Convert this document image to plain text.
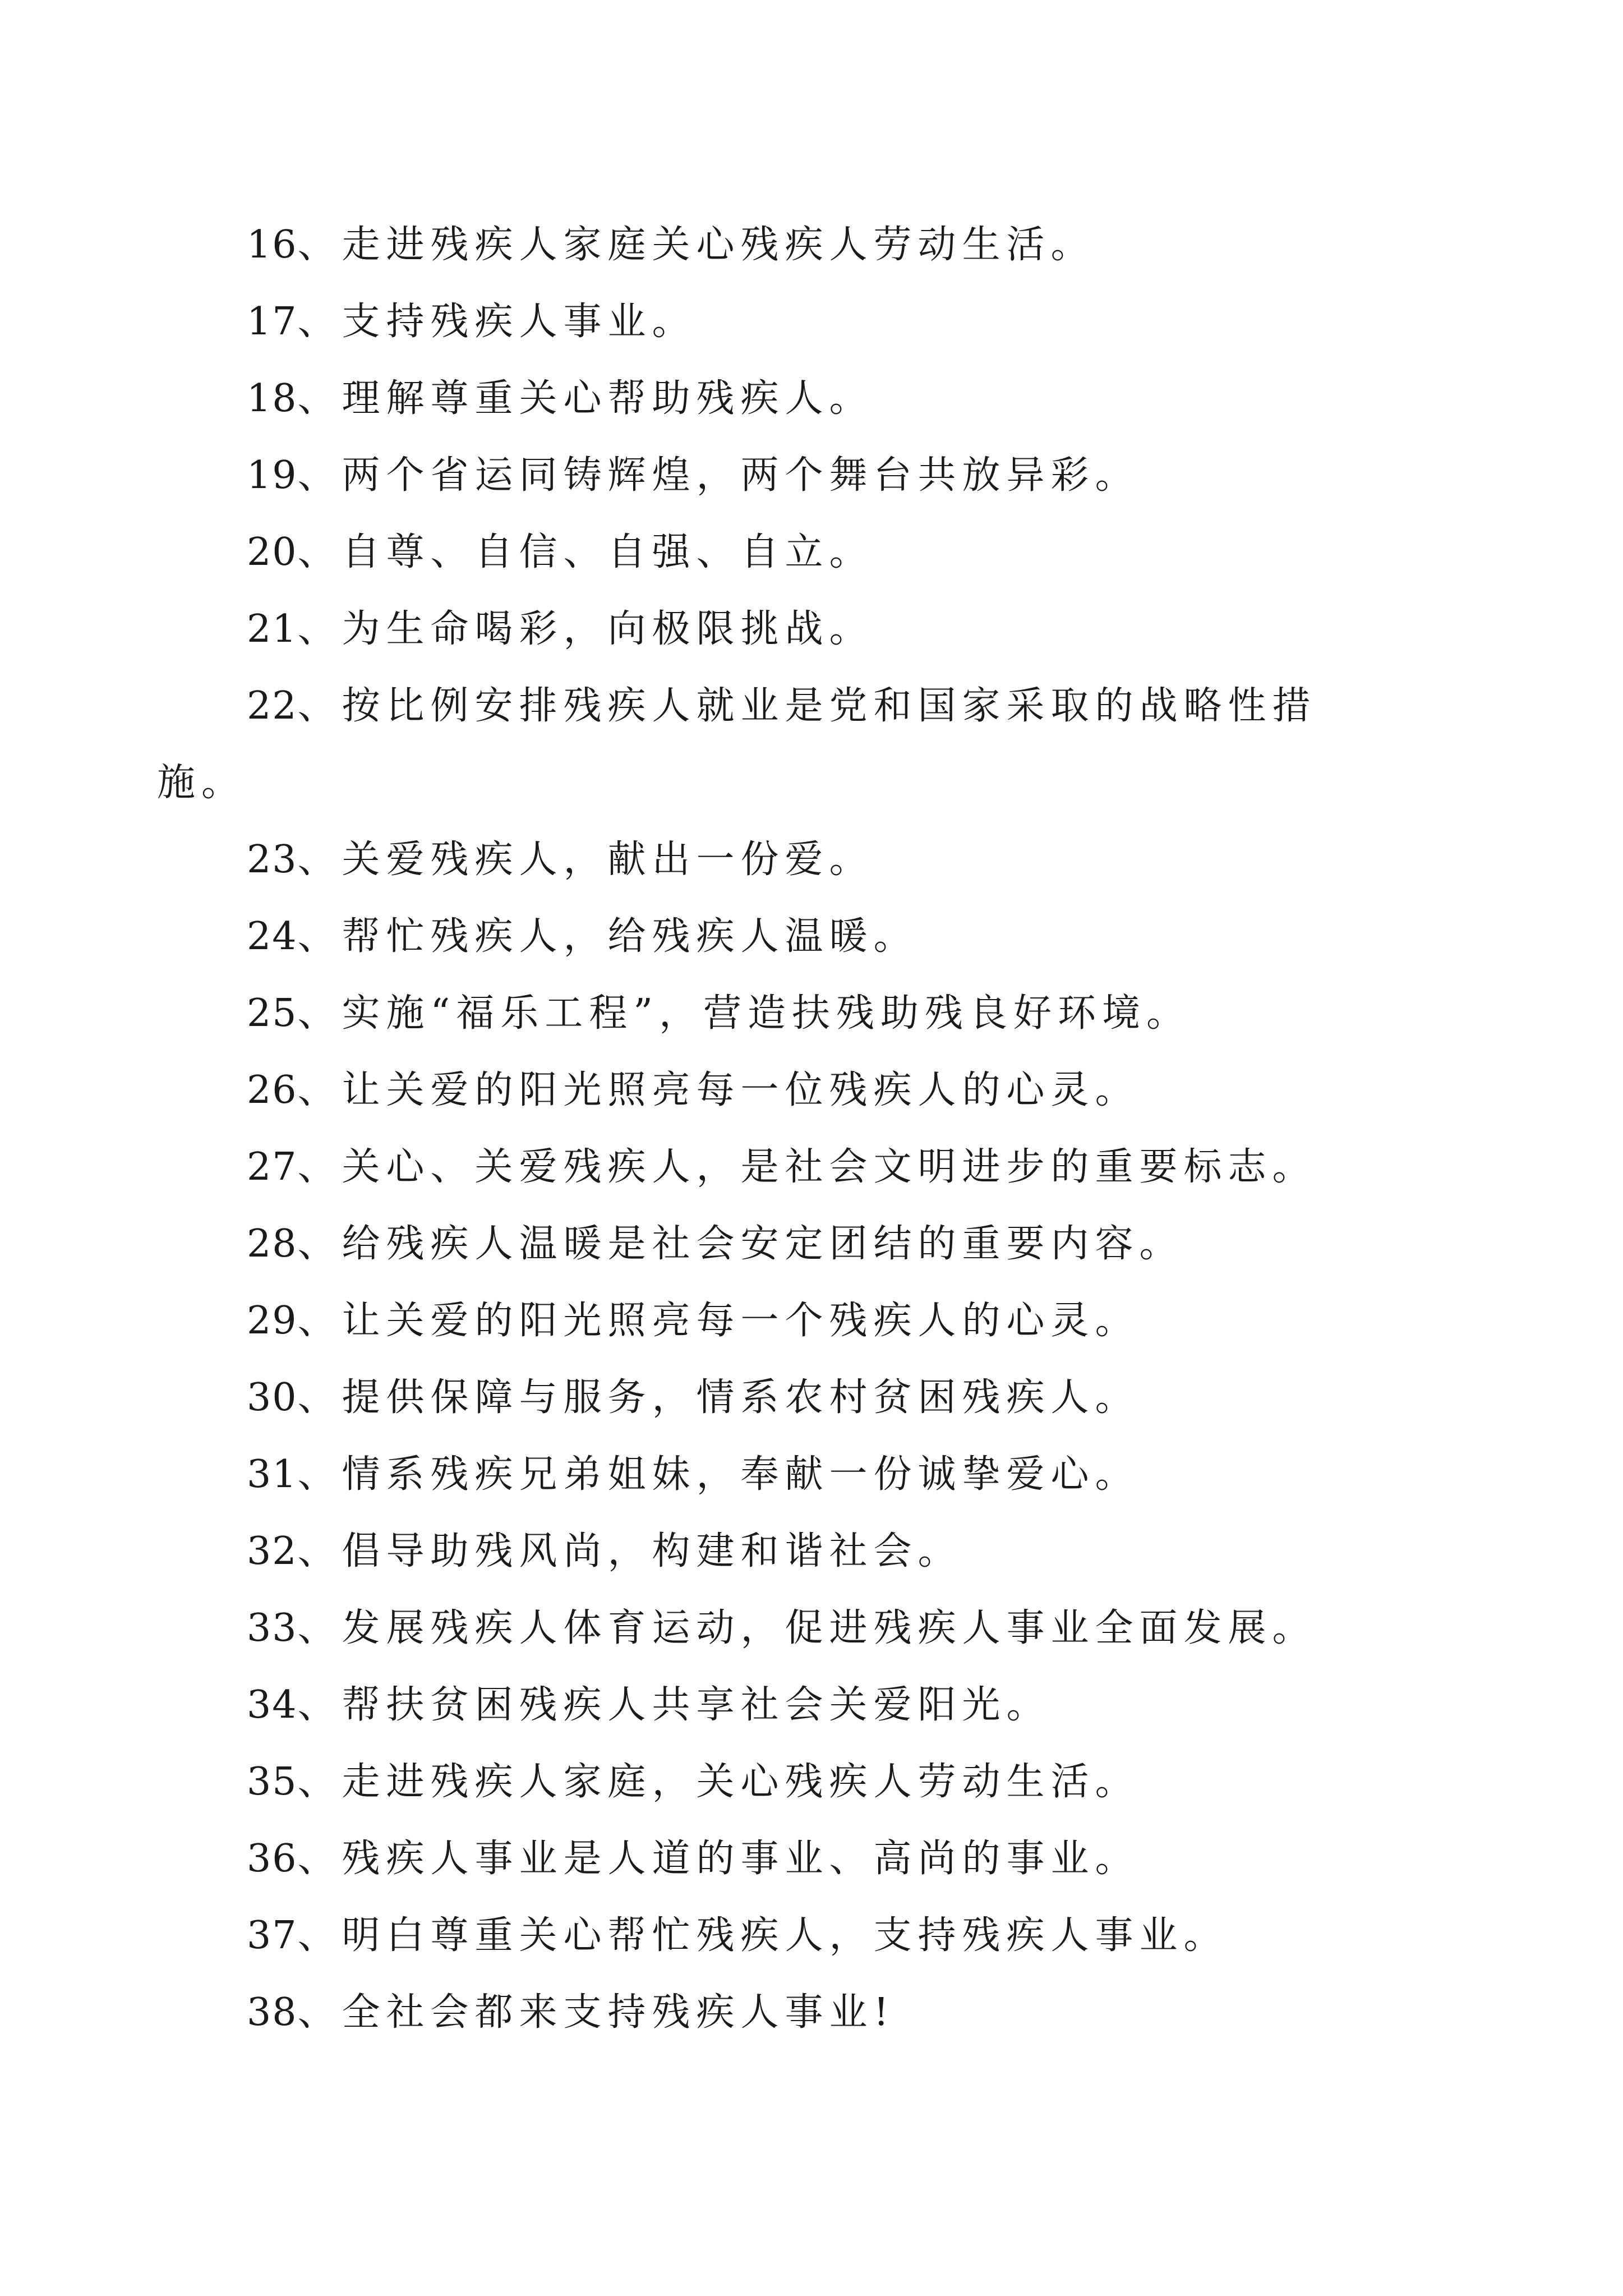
16、走进残疾人家庭关心残疾人劳动生活。
17、支持残疾人事业。
18、理解尊重关心帮助残疾人。
19、两个省运同铸辉煌，两个舞台共放异彩。
20、自尊、自信、自强、自立。
21、为生命喝彩，向极限挑战。
22、按比例安排残疾人就业是党和国家采取的战略性措施。
23、关爱残疾人，献出一份爱。
24、帮忙残疾人，给残疾人温暖。
25、实施“福乐工程”，营造扶残助残良好环境。
26、让关爱的阳光照亮每一位残疾人的心灵。
27、关心、关爱残疾人，是社会文明进步的重要标志。
28、给残疾人温暖是社会安定团结的重要内容。
29、让关爱的阳光照亮每一个残疾人的心灵。
30、提供保障与服务，情系农村贫困残疾人。
31、情系残疾兄弟姐妹，奉献一份诚挚爱心。
32、倡导助残风尚，构建和谐社会。
33、发展残疾人体育运动，促进残疾人事业全面发展。
34、帮扶贫困残疾人共享社会关爱阳光。
35、走进残疾人家庭，关心残疾人劳动生活。
36、残疾人事业是人道的事业、高尚的事业。
37、明白尊重关心帮忙残疾人，支持残疾人事业。
38、全社会都来支持残疾人事业!
